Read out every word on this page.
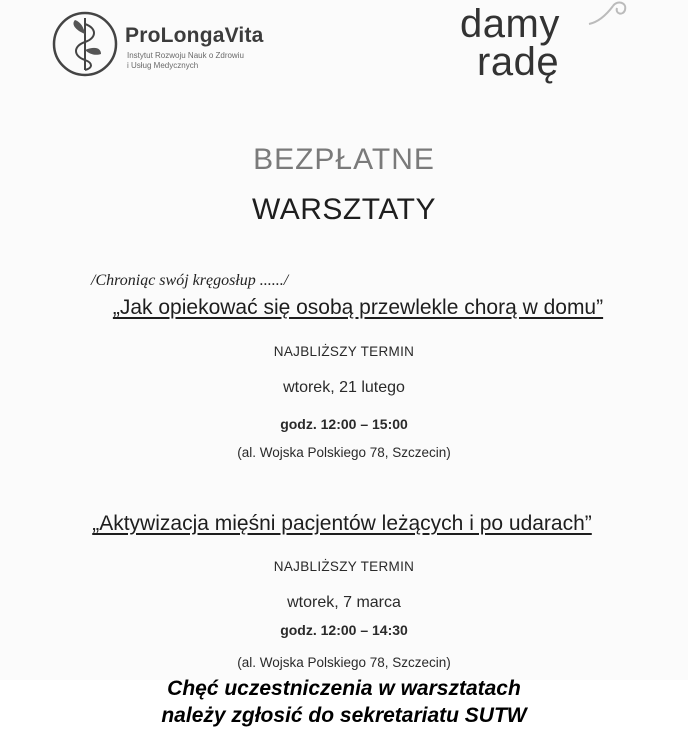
ProLongaVita
Instytut Rozwoju Nauk o Zdrowiu
i Usług Medycznych
damy
radę
BEZPŁATNE
WARSZTATY
/Chroniąc swój kręgosłup ....../
„Jak opiekować się osobą przewlekle chorą w domu”
NAJBLIŻSZY TERMIN
wtorek, 21 lutego
godz. 12:00 – 15:00
(al. Wojska Polskiego 78, Szczecin)
„Aktywizacja mięśni pacjentów leżących i po udarach”
NAJBLIŻSZY TERMIN
wtorek, 7 marca
godz. 12:00 – 14:30
(al. Wojska Polskiego 78, Szczecin)
Chęć uczestniczenia w warsztatach
należy zgłosić do sekretariatu SUTW
